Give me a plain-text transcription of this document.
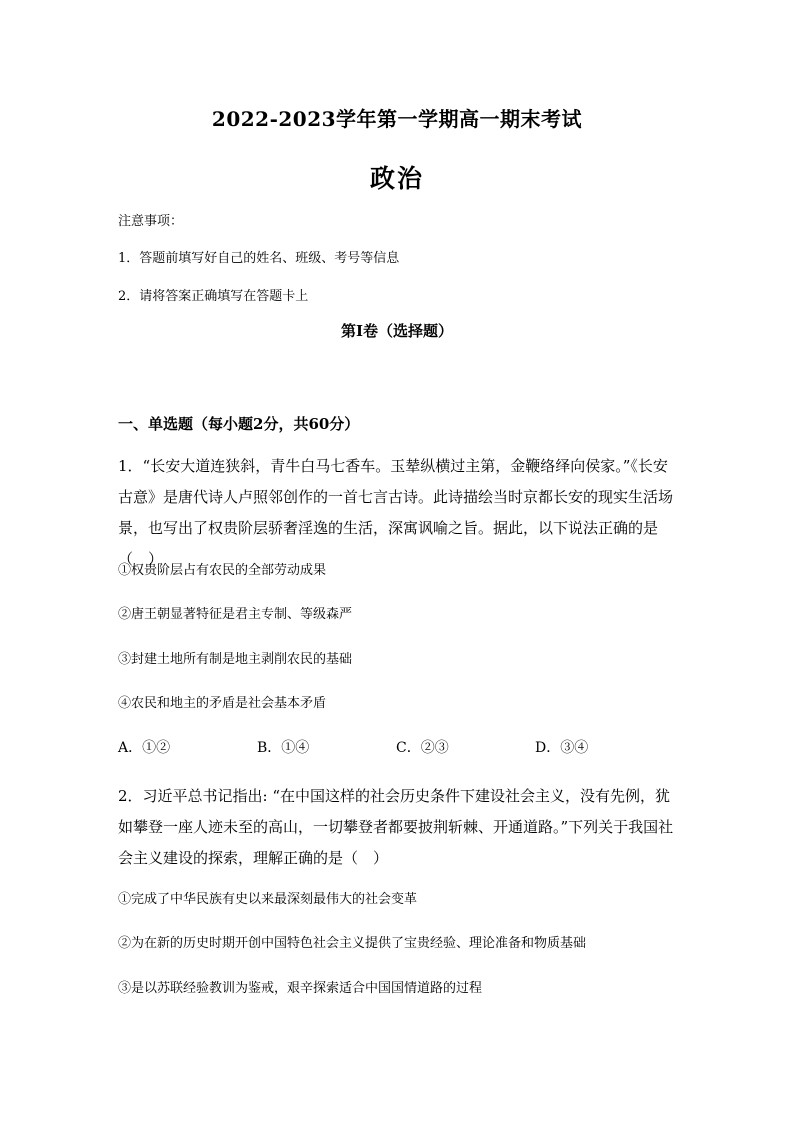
2022-2023学年第一学期高一期末考试
政治
注意事项：
1．答题前填写好自己的姓名、班级、考号等信息
2．请将答案正确填写在答题卡上
第I卷（选择题）
一、单选题（每小题2分，共60分）
1．“长安大道连狭斜，青牛白马七香车。玉辇纵横过主第，金鞭络绎向侯家。”《长安古意》是唐代诗人卢照邻创作的一首七言古诗。此诗描绘当时京都长安的现实生活场景，也写出了权贵阶层骄奢淫逸的生活，深寓讽喻之旨。据此，以下说法正确的是（　）
①权贵阶层占有农民的全部劳动成果
②唐王朝显著特征是君主专制、等级森严
③封建土地所有制是地主剥削农民的基础
④农民和地主的矛盾是社会基本矛盾
A．①②	B．①④	C．②③	D．③④
2．习近平总书记指出: “在中国这样的社会历史条件下建设社会主义，没有先例，犹如攀登一座人迹未至的高山，一切攀登者都要披荆斩棘、开通道路。”下列关于我国社会主义建设的探索，理解正确的是（　）
①完成了中华民族有史以来最深刻最伟大的社会变革
②为在新的历史时期开创中国特色社会主义提供了宝贵经验、理论准备和物质基础
③是以苏联经验教训为鉴戒，艰辛探索适合中国国情道路的过程
